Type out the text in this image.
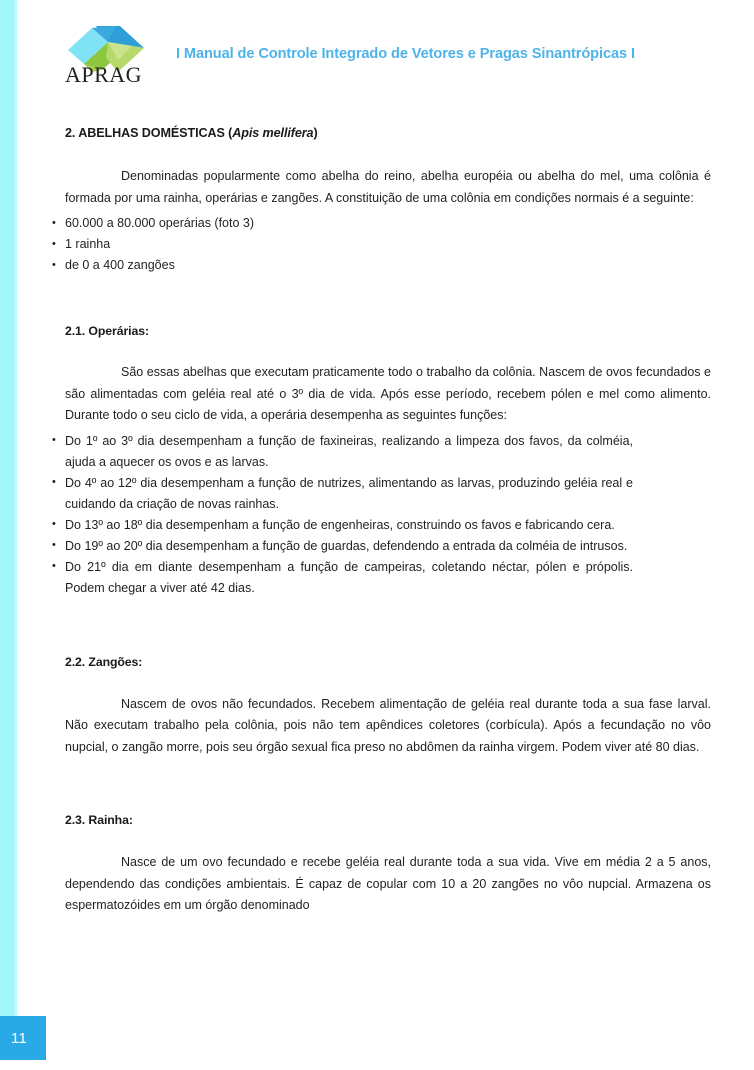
11
APRAG
I Manual de Controle Integrado de Vetores e Pragas Sinantrópicas I
2. ABELHAS DOMÉSTICAS (Apis mellifera)

Denominadas popularmente como abelha do reino, abelha européia ou abelha do mel, uma colônia é formada por uma rainha, operárias e zangões. A constituição de uma colônia em condições normais é a seguinte:

• 60.000 a 80.000 operárias (foto 3)
• 1 rainha
• de 0 a 400 zangões
2.1. Operárias:

São essas abelhas que executam praticamente todo o trabalho da colônia. Nascem de ovos fecundados e são alimentadas com geléia real até o 3º dia de vida. Após esse período, recebem pólen e mel como alimento. Durante todo o seu ciclo de vida, a operária desempenha as seguintes funções:

• Do 1º ao 3º dia desempenham a função de faxineiras, realizando a limpeza dos favos, da colméia, ajuda a aquecer os ovos e as larvas.
• Do 4º ao 12º dia desempenham a função de nutrizes, alimentando as larvas, produzindo geléia real e cuidando da criação de novas rainhas.
• Do 13º ao 18º dia desempenham a função de engenheiras, construindo os favos e fabricando cera.
• Do 19º ao 20º dia desempenham a função de guardas, defendendo a entrada da colméia de intrusos.
• Do 21º dia em diante desempenham a função de campeiras, coletando néctar, pólen e própolis. Podem chegar a viver até 42 dias.
2.2. Zangões:

Nascem de ovos não fecundados. Recebem alimentação de geléia real durante toda a sua fase larval. Não executam trabalho pela colônia, pois não tem apêndices coletores (corbícula). Após a fecundação no vôo nupcial, o zangão morre, pois seu órgão sexual fica preso no abdômen da rainha virgem. Podem viver até 80 dias.

2.3. Rainha:

Nasce de um ovo fecundado e recebe geléia real durante toda a sua vida. Vive em média 2 a 5 anos, dependendo das condições ambientais. É capaz de copular com 10 a 20 zangões no vôo nupcial. Armazena os espermatozóides em um órgão denominado
